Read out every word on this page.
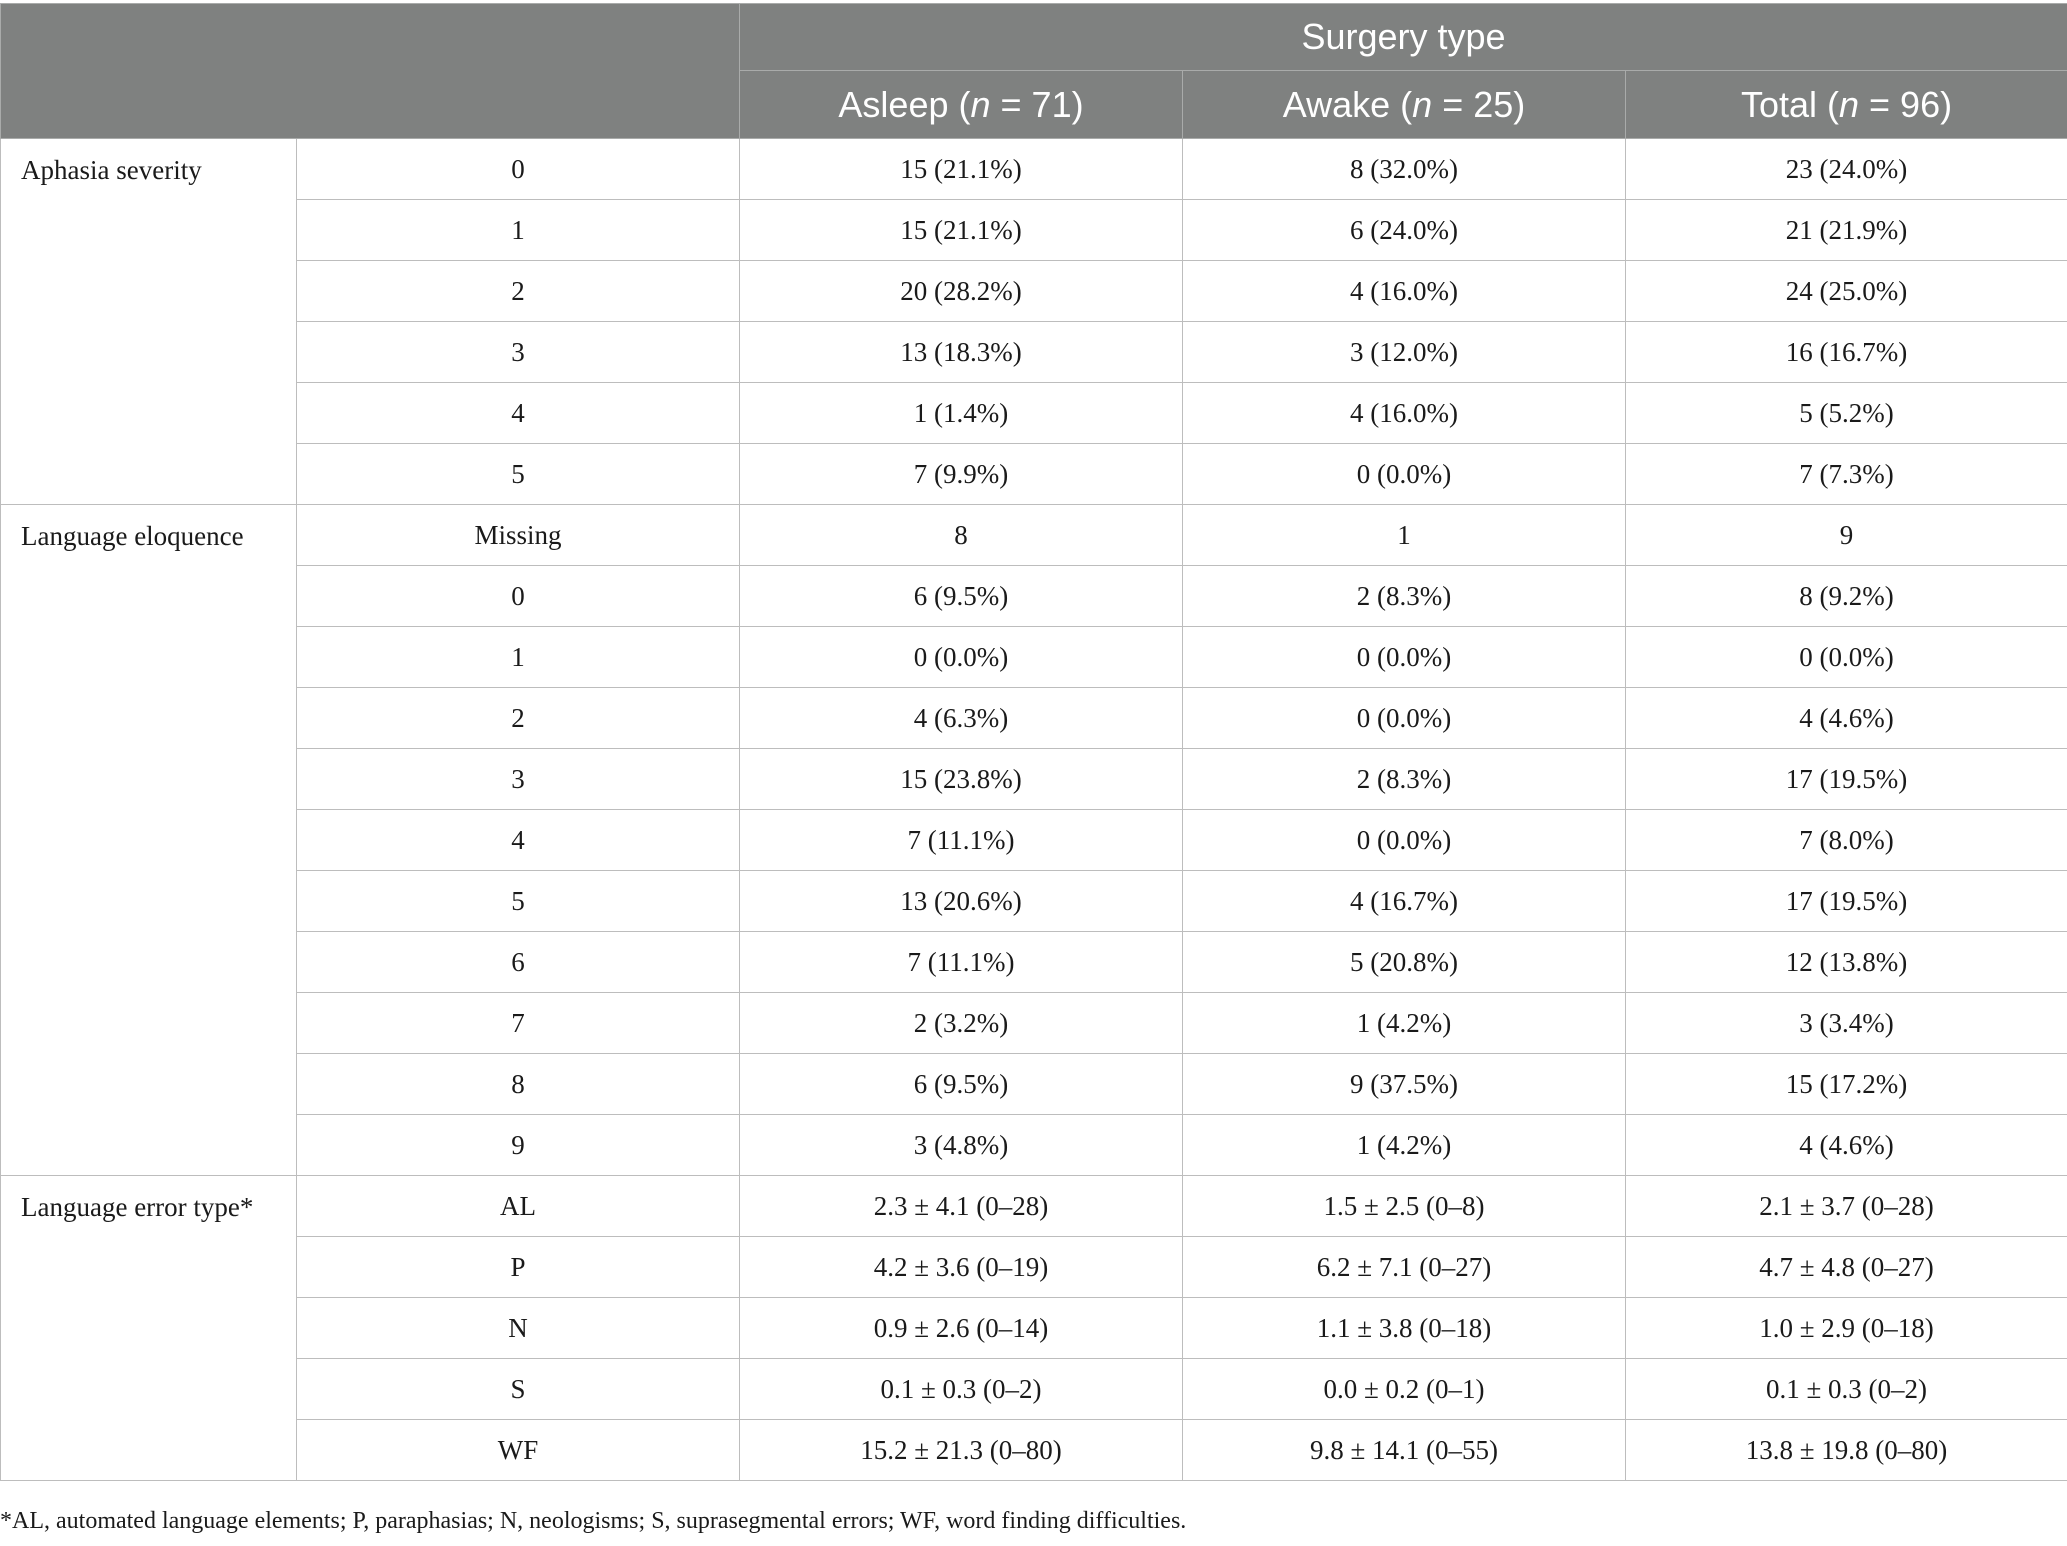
		Surgery type		
		Asleep (n = 71)	Awake (n = 25)	Total (n = 96)
Aphasia severity	0	15 (21.1%)	8 (32.0%)	23 (24.0%)
	1	15 (21.1%)	6 (24.0%)	21 (21.9%)
	2	20 (28.2%)	4 (16.0%)	24 (25.0%)
	3	13 (18.3%)	3 (12.0%)	16 (16.7%)
	4	1 (1.4%)	4 (16.0%)	5 (5.2%)
	5	7 (9.9%)	0 (0.0%)	7 (7.3%)
Language eloquence	Missing	8	1	9
	0	6 (9.5%)	2 (8.3%)	8 (9.2%)
	1	0 (0.0%)	0 (0.0%)	0 (0.0%)
	2	4 (6.3%)	0 (0.0%)	4 (4.6%)
	3	15 (23.8%)	2 (8.3%)	17 (19.5%)
	4	7 (11.1%)	0 (0.0%)	7 (8.0%)
	5	13 (20.6%)	4 (16.7%)	17 (19.5%)
	6	7 (11.1%)	5 (20.8%)	12 (13.8%)
	7	2 (3.2%)	1 (4.2%)	3 (3.4%)
	8	6 (9.5%)	9 (37.5%)	15 (17.2%)
	9	3 (4.8%)	1 (4.2%)	4 (4.6%)
Language error type*	AL	2.3 ± 4.1 (0–28)	1.5 ± 2.5 (0–8)	2.1 ± 3.7 (0–28)
	P	4.2 ± 3.6 (0–19)	6.2 ± 7.1 (0–27)	4.7 ± 4.8 (0–27)
	N	0.9 ± 2.6 (0–14)	1.1 ± 3.8 (0–18)	1.0 ± 2.9 (0–18)
	S	0.1 ± 0.3 (0–2)	0.0 ± 0.2 (0–1)	0.1 ± 0.3 (0–2)
	WF	15.2 ± 21.3 (0–80)	9.8 ± 14.1 (0–55)	13.8 ± 19.8 (0–80)
*AL, automated language elements; P, paraphasias; N, neologisms; S, suprasegmental errors; WF, word finding difficulties.
